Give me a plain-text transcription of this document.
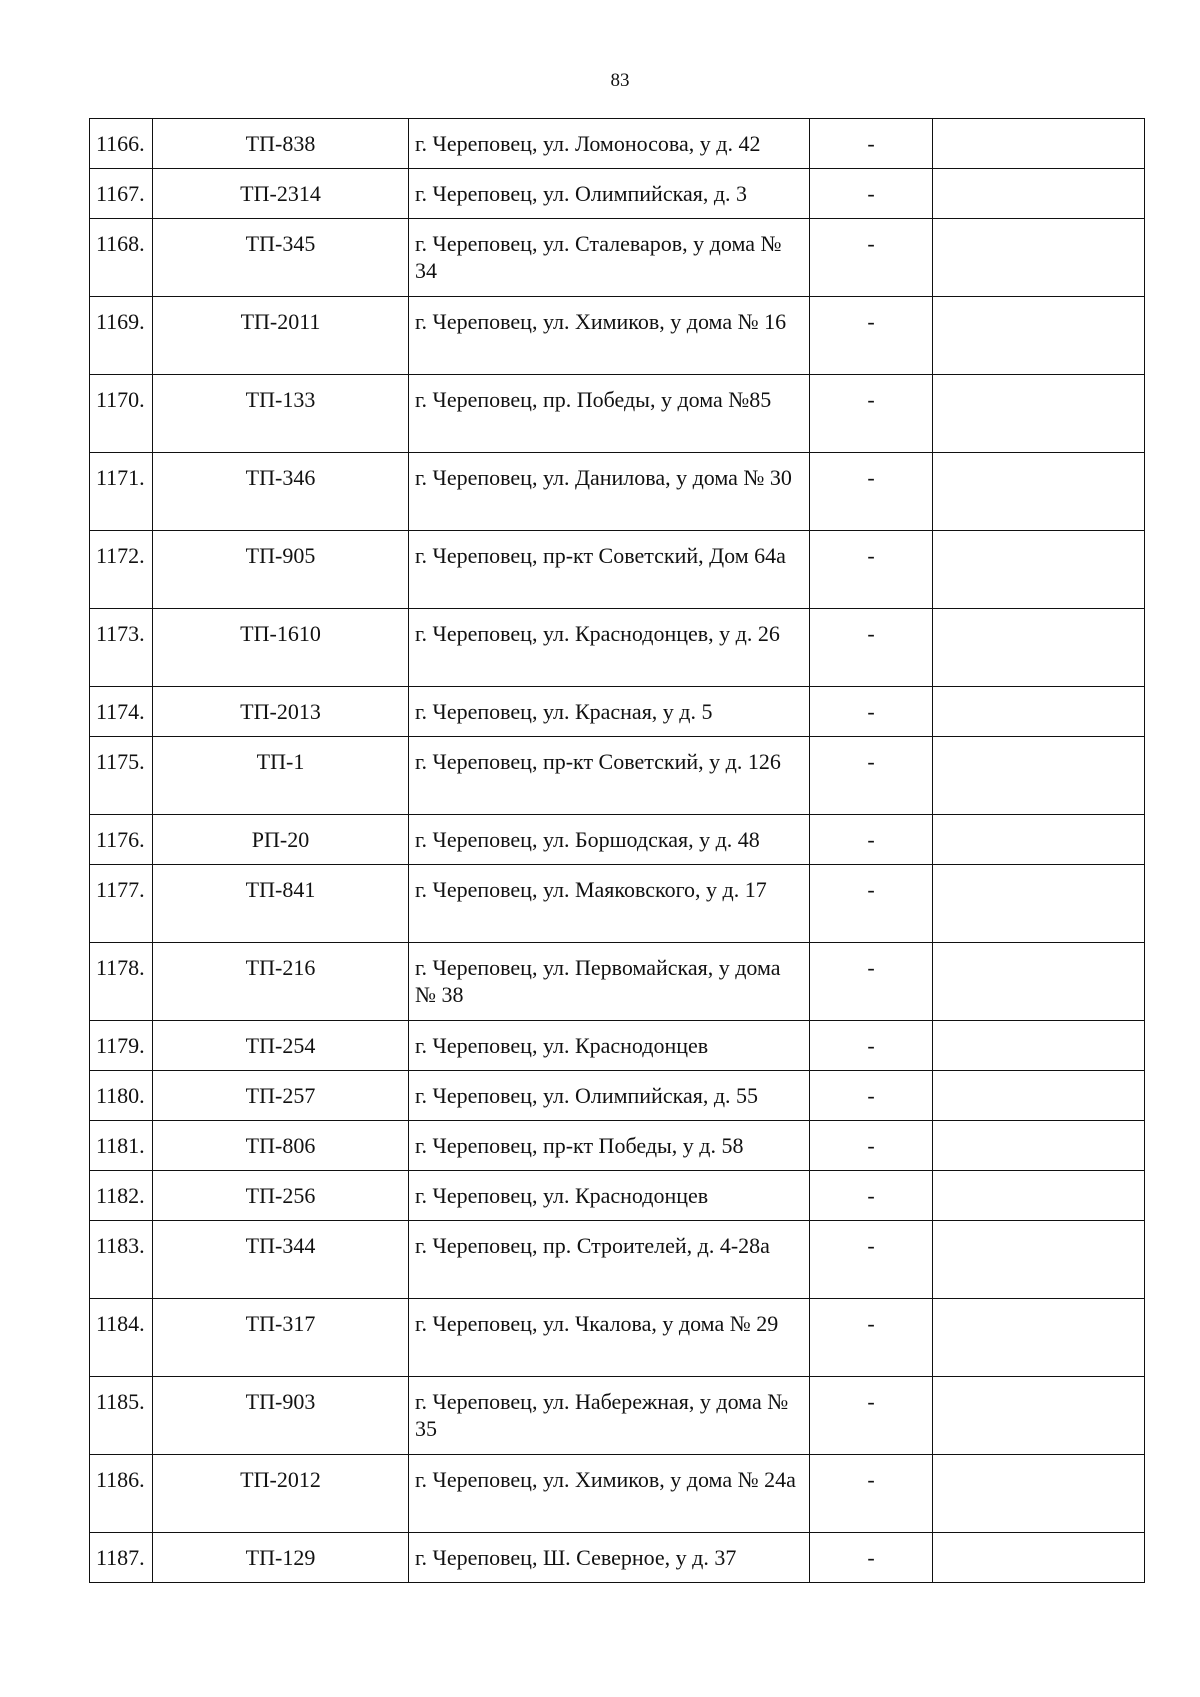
83
1166.	ТП-838	г. Череповец, ул. Ломоносова, у д. 42	-	
1167.	ТП-2314	г. Череповец, ул. Олимпийская, д. 3	-	
1168.	ТП-345	г. Череповец, ул. Сталеваров, у дома № 34	-	
1169.	ТП-2011	г. Череповец, ул. Химиков, у дома № 16	-	
1170.	ТП-133	г. Череповец, пр. Победы, у дома №85	-	
1171.	ТП-346	г. Череповец, ул. Данилова, у дома № 30	-	
1172.	ТП-905	г. Череповец, пр-кт Советский, Дом 64а	-	
1173.	ТП-1610	г. Череповец, ул. Краснодонцев, у д. 26	-	
1174.	ТП-2013	г. Череповец, ул. Красная, у д. 5	-	
1175.	ТП-1	г. Череповец, пр-кт Советский, у д. 126	-	
1176.	РП-20	г. Череповец, ул. Боршодская, у д. 48	-	
1177.	ТП-841	г. Череповец, ул. Маяковского, у д. 17	-	
1178.	ТП-216	г. Череповец, ул. Первомайская, у дома № 38	-	
1179.	ТП-254	г. Череповец, ул. Краснодонцев	-	
1180.	ТП-257	г. Череповец, ул. Олимпийская, д. 55	-	
1181.	ТП-806	г. Череповец, пр-кт Победы, у д. 58	-	
1182.	ТП-256	г. Череповец, ул. Краснодонцев	-	
1183.	ТП-344	г. Череповец, пр. Строителей, д. 4-28а	-	
1184.	ТП-317	г. Череповец, ул. Чкалова, у дома № 29	-	
1185.	ТП-903	г. Череповец, ул. Набережная, у дома № 35	-	
1186.	ТП-2012	г. Череповец, ул. Химиков, у дома № 24а	-	
1187.	ТП-129	г. Череповец, Ш. Северное, у д. 37	-	
